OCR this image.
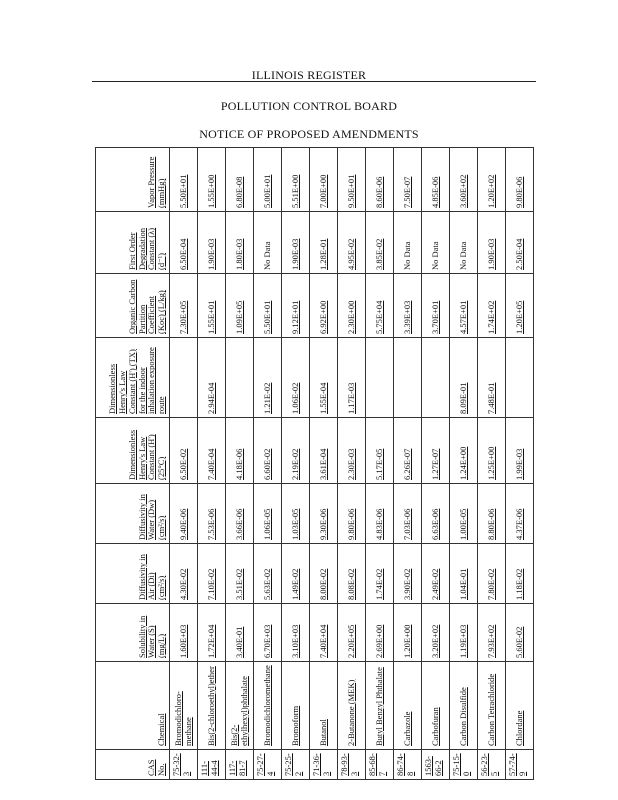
ILLINOIS REGISTER
POLLUTION CONTROL BOARD
NOTICE OF PROPOSED AMENDMENTS
CAS No.	Chemical	Solubility in Water (S) (mg/L)	Diffusivity in Air (Di) (cm²/s)	Diffusivity in Water (Dw) (cm²/s)	Dimensionless Henry's Law Constant (H') (25°C)	Dimensionless Henry's Law Constant (H') (TX) for the indoor inhalation exposure route	Organic Carbon Partition Coefficient (Koc) (L/kg)	First Order Degradation Constant (λ) (d⁻¹)	Vapor Pressure (mmHg)
75-32-3	Bromodichloro-methane	1.60E+03	4.30E-02	9.40E-06	6.50E-02		7.30E+05	6.50E-04	5.50E+01
111-44-4	Bis(2-chloroethyl)ether	1.72E+04	7.10E-02	7.53E-06	7.40E-04	2.94E-04	1.55E+01	1.90E-03	1.55E+00
117-81-7	Bis(2-ethylhexyl)phthalate	3.40E-01	3.51E-02	3.66E-06	4.18E-06		1.09E+05	1.80E-03	6.80E-08
75-27-4	Bromodichloromethane	6.70E+03	5.63E-02	1.06E-05	6.60E-02	1.21E-02	5.50E+01	No Data	5.00E+01
75-25-2	Bromoform	3.10E+03	1.49E-02	1.03E-05	2.19E-02	1.06E-02	9.12E+01	1.90E-03	5.51E+00
71-36-3	Butanol	7.40E+04	8.00E-02	9.30E-06	3.61E-04	1.55E-04	6.92E+00	1.28E-01	7.00E+00
78-93-3	2-Butanone (MEK)	2.20E+05	8.08E-02	9.80E-06	2.30E-03	1.17E-03	2.30E+00	4.95E-02	9.50E+01
85-68-7	Butyl Benzyl Phthalate	2.69E+00	1.74E-02	4.83E-06	5.17E-05		5.75E+04	3.85E-02	8.60E-06
86-74-8	Carbazole	1.20E+00	3.90E-02	7.03E-06	6.26E-07		3.39E+03	No Data	7.50E-07
1563-66-2	Carbofuran	3.20E+02	2.49E-02	6.63E-06	1.27E-07		3.70E+01	No Data	4.85E-06
75-15-0	Carbon Disulfide	1.19E+03	1.04E-01	1.00E-05	1.24E+00	8.09E-01	4.57E+01	No Data	3.60E+02
56-23-5	Carbon Tetrachloride	7.93E+02	7.80E-02	8.80E-06	1.25E+00	7.48E-01	1.74E+02	1.90E-03	1.20E+02
57-74-9	Chlordane	5.60E-02	1.18E-02	4.37E-06	1.99E-03		1.20E+05	2.50E-04	9.80E-06
